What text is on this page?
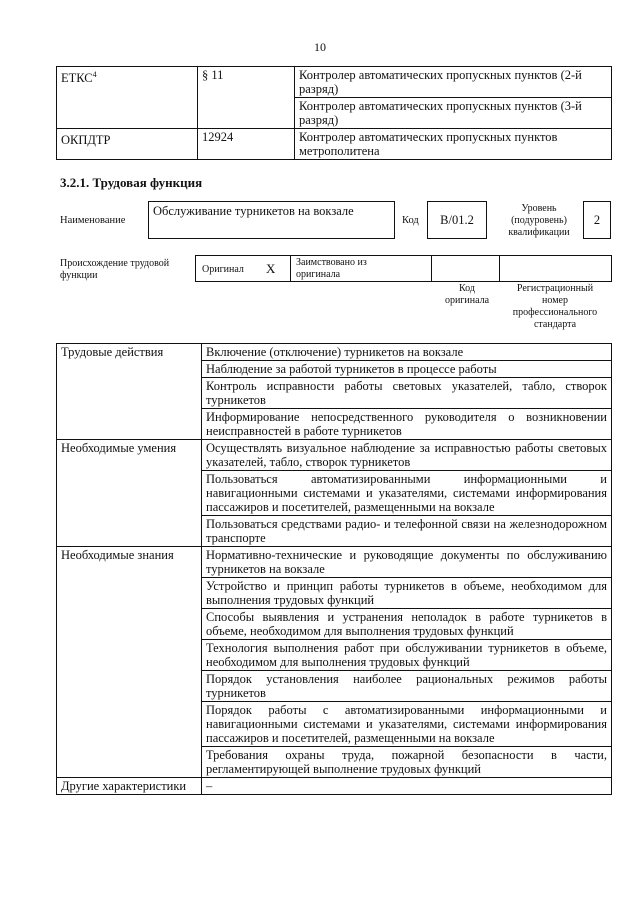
10
ЕТКС$^4$	§ 11	Контролер автоматических пропускных пунктов (2-й разряд)
		Контролер автоматических пропускных пунктов (3-й разряд)
ОКПДТР	12924	Контролер автоматических пропускных пунктов метрополитена
3.2.1. Трудовая функция
Наименование
Обслуживание турникетов на вокзале
Код	B/01.2
Уровень (подуровень) квалификации
2
Происхождение трудовой функции
Оригинал X Заимствовано из оригинала
Код оригинала
Регистрационный номер профессионального стандарта
Трудовые действия	Включение (отключение) турникетов на вокзале
	Наблюдение за работой турникетов в процессе работы
	Контроль исправности работы световых указателей, табло, створок турникетов
	Информирование непосредственного руководителя о возникновении неисправностей в работе турникетов
Необходимые умения	Осуществлять визуальное наблюдение за исправностью работы световых указателей, табло, створок турникетов
	Пользоваться автоматизированными информационными и навигационными системами и указателями, системами информирования пассажиров и посетителей, размещенными на вокзале
	Пользоваться средствами радио- и телефонной связи на железнодорожном транспорте
Необходимые знания	Нормативно-технические и руководящие документы по обслуживанию турникетов на вокзале
	Устройство и принцип работы турникетов в объеме, необходимом для выполнения трудовых функций
	Способы выявления и устранения неполадок в работе турникетов в объеме, необходимом для выполнения трудовых функций
	Технология выполнения работ при обслуживании турникетов в объеме, необходимом для выполнения трудовых функций
	Порядок установления наиболее рациональных режимов работы турникетов
	Порядок работы с автоматизированными информационными и навигационными системами и указателями, системами информирования пассажиров и посетителей, размещенными на вокзале
	Требования охраны труда, пожарной безопасности в части, регламентирующей выполнение трудовых функций
Другие характеристики	–
